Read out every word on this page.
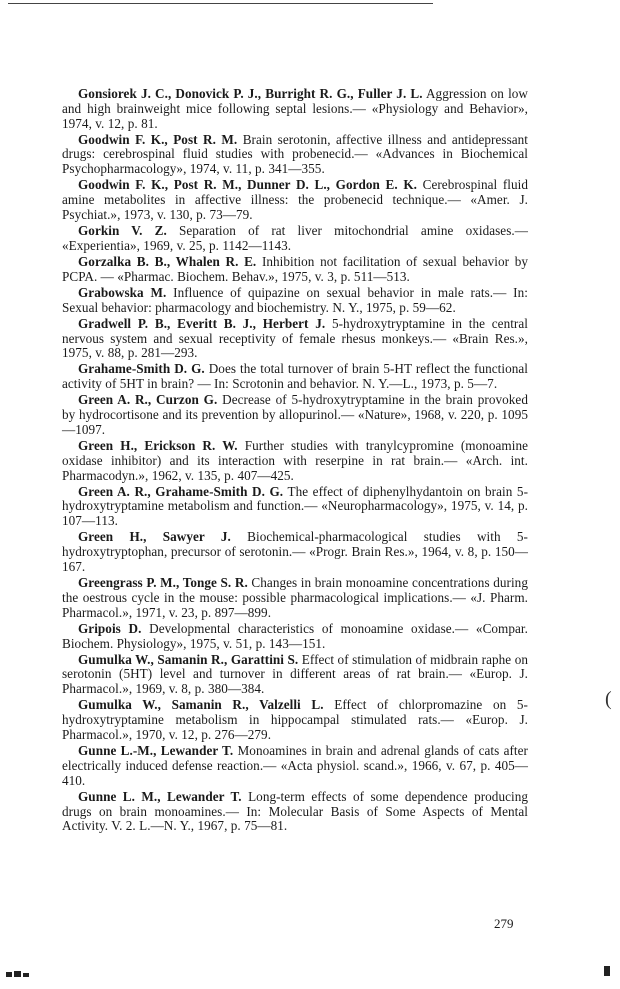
Gonsiorek J. C., Donovick P. J., Burright R. G., Fuller J. L. Aggression on low and high brainweight mice following septal lesions.— «Physiology and Behavior», 1974, v. 12, p. 81.

Goodwin F. K., Post R. M. Brain serotonin, affective illness and antidepressant drugs: cerebrospinal fluid studies with probenecid.— «Advances in Biochemical Psychopharmacology», 1974, v. 11, p. 341—355.

Goodwin F. K., Post R. M., Dunner D. L., Gordon E. K. Cerebrospinal fluid amine metabolites in affective illness: the probenecid technique.— «Amer. J. Psychiat.», 1973, v. 130, p. 73—79.

Gorkin V. Z. Separation of rat liver mitochondrial amine oxidases.— «Experientia», 1969, v. 25, p. 1142—1143.

Gorzalka B. B., Whalen R. E. Inhibition not facilitation of sexual behavior by PCPA. — «Pharmac. Biochem. Behav.», 1975, v. 3, p. 511—513.

Grabowska M. Influence of quipazine on sexual behavior in male rats.— In: Sexual behavior: pharmacology and biochemistry. N. Y., 1975, p. 59—62.

Gradwell P. B., Everitt B. J., Herbert J. 5-hydroxytryptamine in the central nervous system and sexual receptivity of female rhesus monkeys.— «Brain Res.», 1975, v. 88, p. 281—293.

Grahame-Smith D. G. Does the total turnover of brain 5-HT reflect the functional activity of 5HT in brain? — In: Scrotonin and behavior. N. Y.—L., 1973, p. 5—7.

Green A. R., Curzon G. Decrease of 5-hydroxytryptamine in the brain provoked by hydrocortisone and its prevention by allopurinol.— «Nature», 1968, v. 220, p. 1095—1097.

Green H., Erickson R. W. Further studies with tranylcypromine (monoamine oxidase inhibitor) and its interaction with reserpine in rat brain.— «Arch. int. Pharmacodyn.», 1962, v. 135, p. 407—425.

Green A. R., Grahame-Smith D. G. The effect of diphenylhydantoin on brain 5-hydroxytryptamine metabolism and function.— «Neuropharmacology», 1975, v. 14, p. 107—113.

Green H., Sawyer J. Biochemical-pharmacological studies with 5-hydroxytryptophan, precursor of serotonin.— «Progr. Brain Res.», 1964, v. 8, p. 150—167.

Greengrass P. M., Tonge S. R. Changes in brain monoamine concentrations during the oestrous cycle in the mouse: possible pharmacological implications.— «J. Pharm. Pharmacol.», 1971, v. 23, p. 897—899.

Gripois D. Developmental characteristics of monoamine oxidase.— «Compar. Biochem. Physiology», 1975, v. 51, p. 143—151.

Gumulka W., Samanin R., Garattini S. Effect of stimulation of midbrain raphe on serotonin (5HT) level and turnover in different areas of rat brain.— «Europ. J. Pharmacol.», 1969, v. 8, p. 380—384.

Gumulka W., Samanin R., Valzelli L. Effect of chlorpromazine on 5-hydroxytryptamine metabolism in hippocampal stimulated rats.— «Europ. J. Pharmacol.», 1970, v. 12, p. 276—279.

Gunne L.-M., Lewander T. Monoamines in brain and adrenal glands of cats after electrically induced defense reaction.— «Acta physiol. scand.», 1966, v. 67, p. 405—410.

Gunne L. M., Lewander T. Long-term effects of some dependence producing drugs on brain monoamines.— In: Molecular Basis of Some Aspects of Mental Activity. V. 2. L.—N. Y., 1967, p. 75—81.

(
279
